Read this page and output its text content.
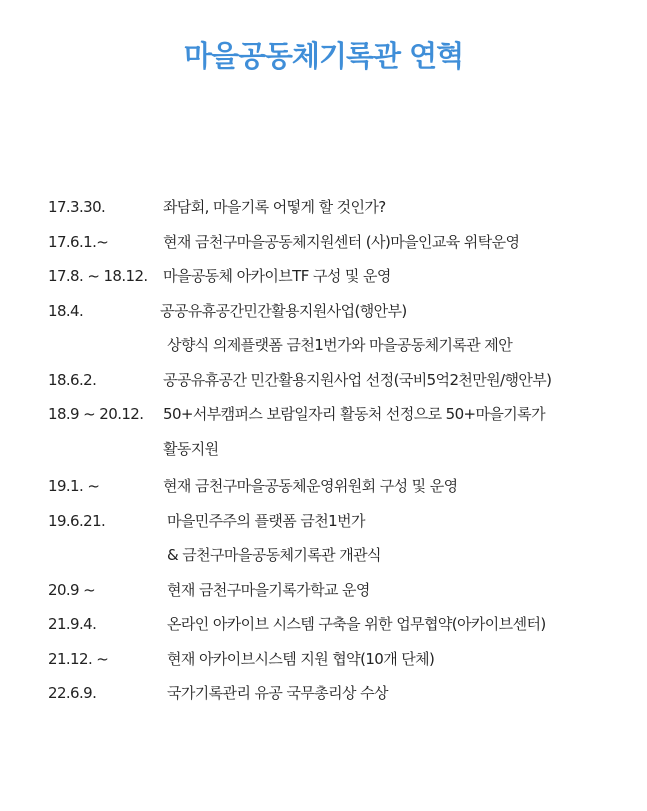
마을공동체기록관 연혁
17.3.30.	좌담회, 마을기록 어떻게 할 것인가?
17.6.1.~	현재 금천구마을공동체지원센터 (사)마을인교육 위탁운영
17.8. ~ 18.12.	마을공동체 아카이브TF 구성 및 운영
18.4.	공공유휴공간민간활용지원사업(행안부)
상향식 의제플랫폼 금천1번가와 마을공동체기록관 제안
18.6.2.	공공유휴공간 민간활용지원사업 선정(국비5억2천만원/행안부)
18.9 ~ 20.12.	50+서부캠퍼스 보람일자리 활동처 선정으로 50+마을기록가
활동지원
19.1. ~	현재 금천구마을공동체운영위원회 구성 및 운영
19.6.21.	마을민주주의 플랫폼 금천1번가
& 금천구마을공동체기록관 개관식
20.9 ~	현재 금천구마을기록가학교 운영
21.9.4.	온라인 아카이브 시스템 구축을 위한 업무협약(아카이브센터)
21.12. ~	현재 아카이브시스템 지원 협약(10개 단체)
22.6.9.	국가기록관리 유공 국무총리상 수상
